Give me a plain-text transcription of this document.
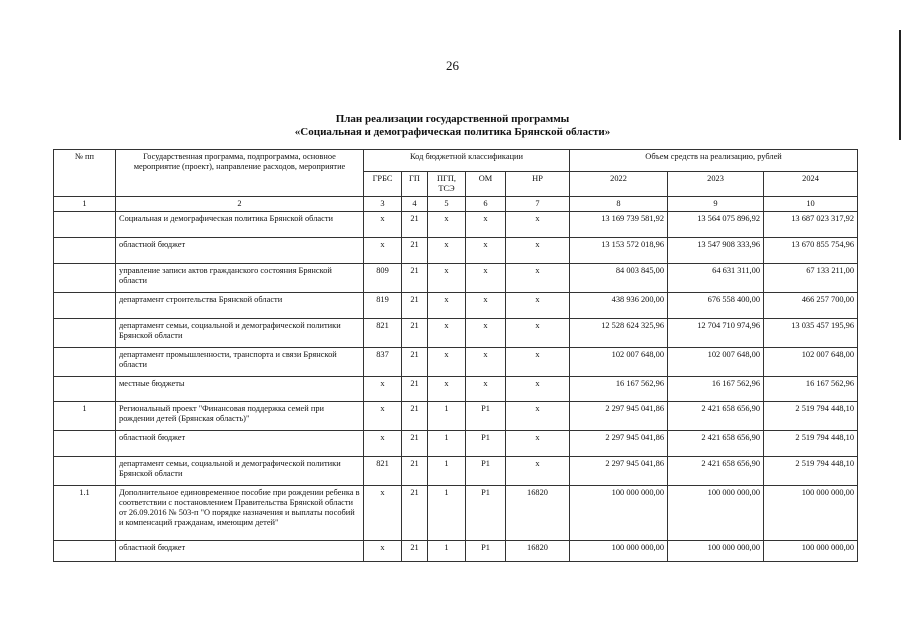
26
План реализации государственной программы
«Социальная и демографическая политика Брянской области»
№ пп	Государственная программа, подпрограмма, основное мероприятие (проект), направление расходов, мероприятие	Код бюджетной классификации					Объем средств на реализацию, рублей		
		ГРБС	ГП	ПГП, ТСЭ	ОМ	НР	2022	2023	2024
1	2	3	4	5	6	7	8	9	10
	Социальная и демографическая политика Брянской области	х	21	х	х	х	13 169 739 581,92	13 564 075 896,92	13 687 023 317,92
	областной бюджет	х	21	х	х	х	13 153 572 018,96	13 547 908 333,96	13 670 855 754,96
	управление записи актов гражданского состояния Брянской области	809	21	х	х	х	84 003 845,00	64 631 311,00	67 133 211,00
	департамент строительства Брянской области	819	21	х	х	х	438 936 200,00	676 558 400,00	466 257 700,00
	департамент семьи, социальной и демографической политики Брянской области	821	21	х	х	х	12 528 624 325,96	12 704 710 974,96	13 035 457 195,96
	департамент промышленности, транспорта и связи Брянской области	837	21	х	х	х	102 007 648,00	102 007 648,00	102 007 648,00
	местные бюджеты	х	21	х	х	х	16 167 562,96	16 167 562,96	16 167 562,96
1	Региональный проект "Финансовая поддержка семей при рождении детей (Брянская область)"	х	21	1	Р1	х	2 297 945 041,86	2 421 658 656,90	2 519 794 448,10
	областной бюджет	х	21	1	Р1	х	2 297 945 041,86	2 421 658 656,90	2 519 794 448,10
	департамент семьи, социальной и демографической политики Брянской области	821	21	1	Р1	х	2 297 945 041,86	2 421 658 656,90	2 519 794 448,10
1.1	Дополнительное единовременное пособие при рождении ребенка в соответствии с постановлением Правительства Брянской области от 26.09.2016 № 503-п "О порядке назначения и выплаты пособий и компенсаций гражданам, имеющим детей"	х	21	1	Р1	16820	100 000 000,00	100 000 000,00	100 000 000,00
	областной бюджет	х	21	1	Р1	16820	100 000 000,00	100 000 000,00	100 000 000,00
